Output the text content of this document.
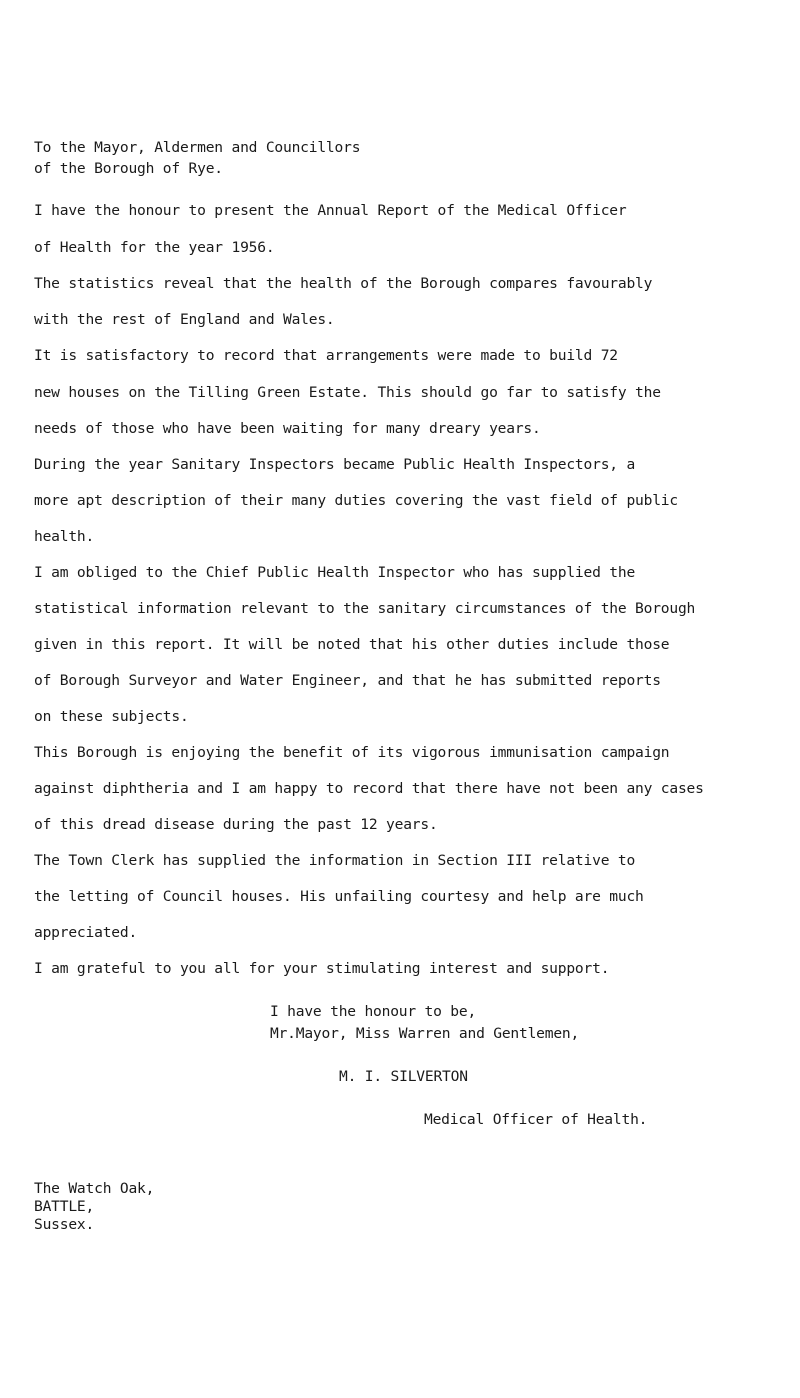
To the Mayor, Aldermen and Councillors

of the Borough of Rye.

I have the honour to present the Annual Report of the Medical Officer

of Health for the year 1956.

The statistics reveal that the health of the Borough compares favourably

with the rest of England and Wales.

It is satisfactory to record that arrangements were made to build 72

new houses on the Tilling Green Estate. This should go far to satisfy the

needs of those who have been waiting for many dreary years.

During the year Sanitary Inspectors became Public Health Inspectors, a

more apt description of their many duties covering the vast field of public

health.

I am obliged to the Chief Public Health Inspector who has supplied the

statistical information relevant to the sanitary circumstances of the Borough

given in this report. It will be noted that his other duties include those

of Borough Surveyor and Water Engineer, and that he has submitted reports

on these subjects.

This Borough is enjoying the benefit of its vigorous immunisation campaign

against diphtheria and I am happy to record that there have not been any cases

of this dread disease during the past 12 years.

The Town Clerk has supplied the information in Section III relative to

the letting of Council houses. His unfailing courtesy and help are much

appreciated.

I am grateful to you all for your stimulating interest and support.

I have the honour to be,

Mr.Mayor, Miss Warren and Gentlemen,

M. I. SILVERTON

Medical Officer of Health.

The Watch Oak,

BATTLE,

Sussex.
